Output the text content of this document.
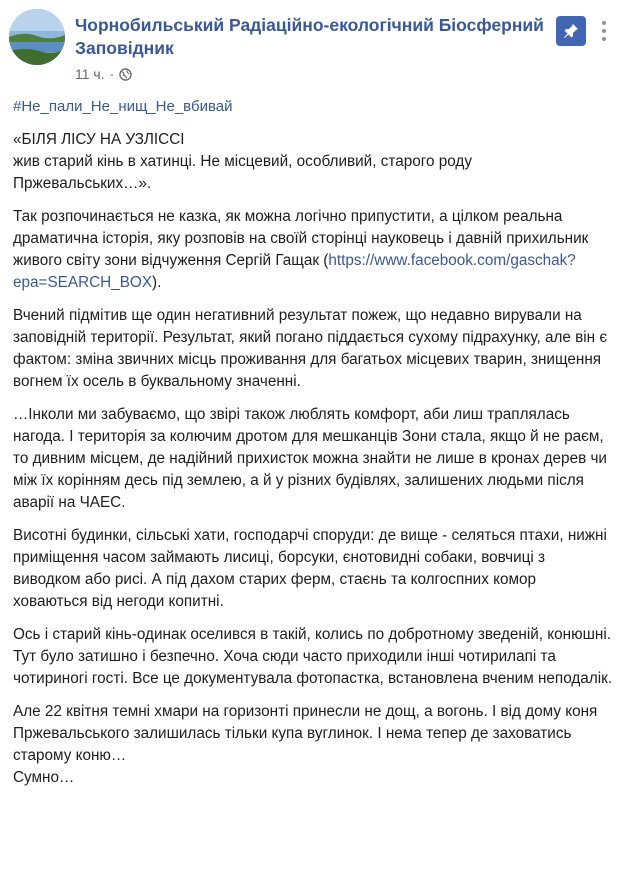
Чорнобильський Радіаційно-екологічний Біосферний Заповідник
11 ч. ·
#Не_пали_Не_нищ_Не_вбивай

«БІЛЯ ЛІСУ НА УЗЛІССІ
жив старий кінь в хатинці. Не місцевий, особливий, старого роду Пржевальських…».

Так розпочинається не казка, як можна логічно припустити, а цілком реальна драматична історія, яку розповів на своїй сторінці науковець і давній прихильник живого світу зони відчуження Сергій Гащак (https://www.facebook.com/gaschak?epa=SEARCH_BOX).

Вчений підмітив ще один негативний результат пожеж, що недавно вирували на заповідній території. Результат, який погано піддається сухому підрахунку, але він є фактом: зміна звичних місць проживання для багатьох місцевих тварин, знищення вогнем їх осель в буквальному значенні.

…Інколи ми забуваємо, що звірі також люблять комфорт, аби лиш траплялась нагода. І територія за колючим дротом для мешканців Зони стала, якщо й не раєм, то дивним місцем, де надійний прихисток можна знайти не лише в кронах дерев чи між їх корінням десь під землею, а й у різних будівлях, залишених людьми після аварії на ЧАЕС.

Висотні будинки, сільські хати, господарчі споруди: де вище - селяться птахи, нижні приміщення часом займають лисиці, борсуки, єнотовидні собаки, вовчиці з виводком або рисі. А під дахом старих ферм, стаєнь та колгоспних комор ховаються від негоди копитні.

Ось і старий кінь-одинак оселився в такій, колись по добротному зведеній, конюшні. Тут було затишно і безпечно. Хоча сюди часто приходили інші чотирилапі та чотириногі гості. Все це документувала фотопастка, встановлена вченим неподалік.

Але 22 квітня темні хмари на горизонті принесли не дощ, а вогонь. І від дому коня Пржевальського залишилась тільки купа вуглинок. І нема тепер де заховатись старому коню…
Сумно…
